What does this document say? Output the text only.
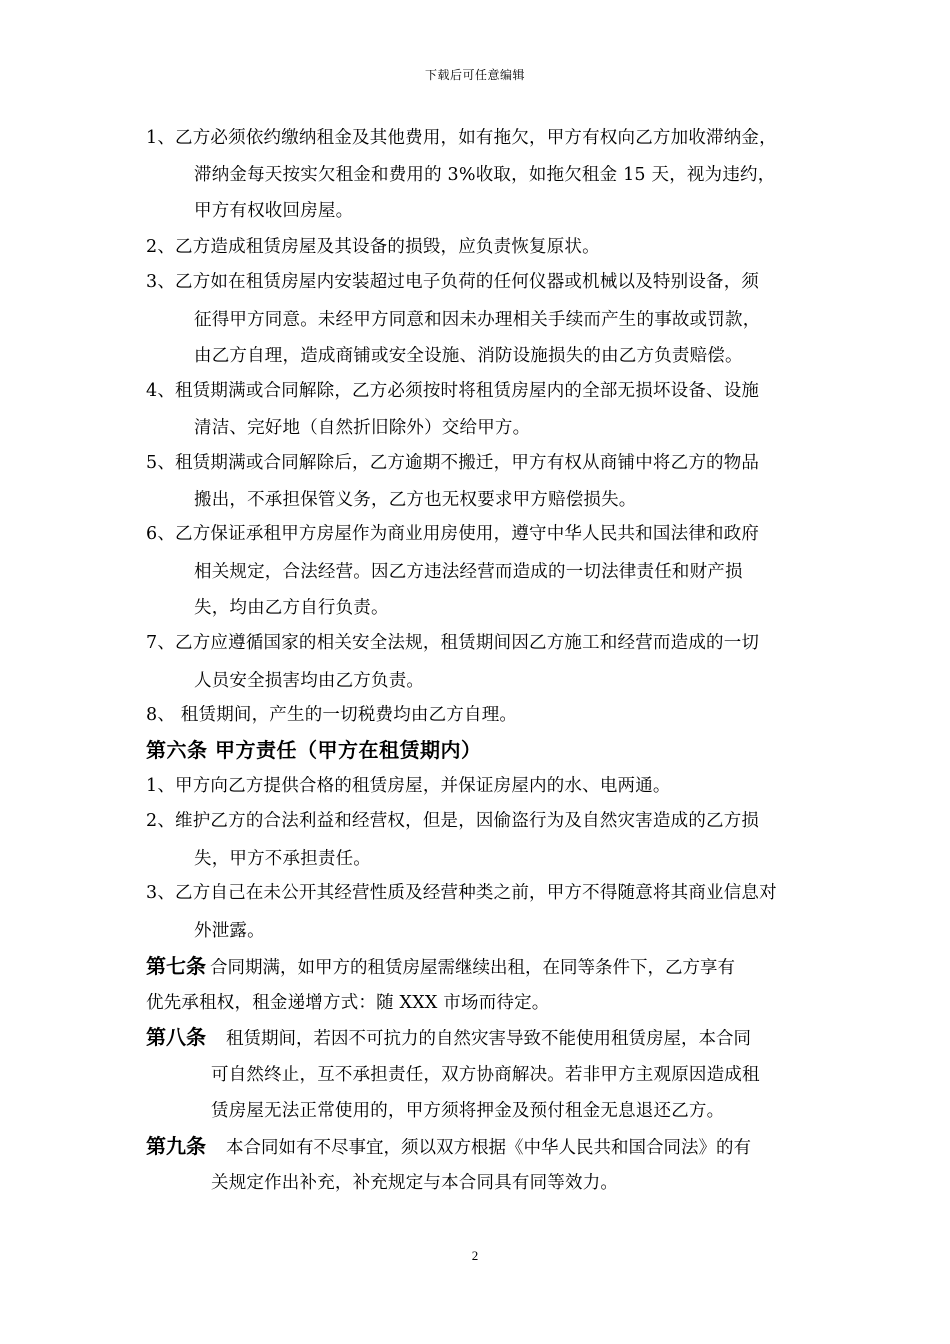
下载后可任意编辑
1、乙方必须依约缴纳租金及其他费用，如有拖欠，甲方有权向乙方加收滞纳金，
滞纳金每天按实欠租金和费用的 3%收取，如拖欠租金 15 天，视为违约，
甲方有权收回房屋。
2、乙方造成租赁房屋及其设备的损毁，应负责恢复原状。
3、乙方如在租赁房屋内安装超过电子负荷的任何仪器或机械以及特别设备，须
征得甲方同意。未经甲方同意和因未办理相关手续而产生的事故或罚款，
由乙方自理，造成商铺或安全设施、消防设施损失的由乙方负责赔偿。
4、租赁期满或合同解除，乙方必须按时将租赁房屋内的全部无损坏设备、设施
清洁、完好地（自然折旧除外）交给甲方。
5、租赁期满或合同解除后，乙方逾期不搬迁，甲方有权从商铺中将乙方的物品
搬出，不承担保管义务，乙方也无权要求甲方赔偿损失。
6、乙方保证承租甲方房屋作为商业用房使用，遵守中华人民共和国法律和政府
相关规定，合法经营。因乙方违法经营而造成的一切法律责任和财产损
失，均由乙方自行负责。
7、乙方应遵循国家的相关安全法规，租赁期间因乙方施工和经营而造成的一切
人员安全损害均由乙方负责。
8、 租赁期间，产生的一切税费均由乙方自理。
第六条 甲方责任（甲方在租赁期内）
1、甲方向乙方提供合格的租赁房屋，并保证房屋内的水、电两通。
2、维护乙方的合法利益和经营权，但是，因偷盗行为及自然灾害造成的乙方损
失，甲方不承担责任。
3、乙方自己在未公开其经营性质及经营种类之前，甲方不得随意将其商业信息对
外泄露。
第七条 合同期满，如甲方的租赁房屋需继续出租，在同等条件下，乙方享有
优先承租权，租金递增方式：随 XXX 市场而待定。
第八条 租赁期间，若因不可抗力的自然灾害导致不能使用租赁房屋，本合同
可自然终止，互不承担责任，双方协商解决。若非甲方主观原因造成租
赁房屋无法正常使用的，甲方须将押金及预付租金无息退还乙方。
第九条 本合同如有不尽事宜，须以双方根据《中华人民共和国合同法》的有
关规定作出补充，补充规定与本合同具有同等效力。
2
